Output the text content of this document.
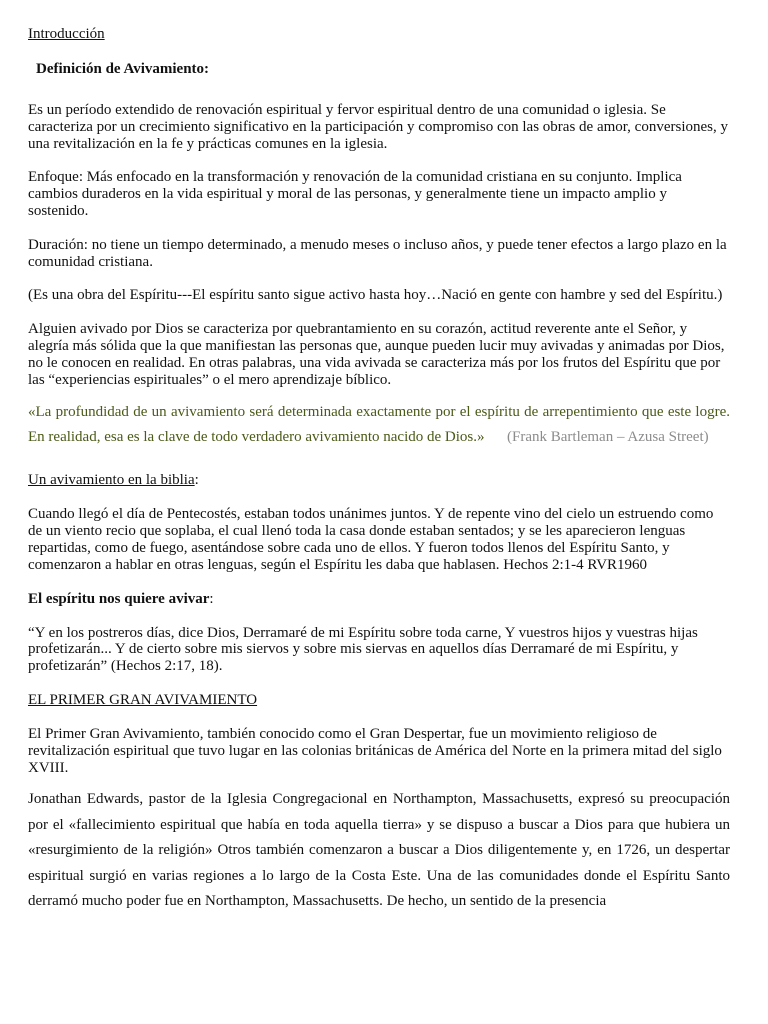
Introducción

Definición de Avivamiento:

Es un período extendido de renovación espiritual y fervor espiritual dentro de una comunidad o iglesia. Se caracteriza por un crecimiento significativo en la participación y compromiso con las obras de amor, conversiones, y una revitalización en la fe y prácticas comunes en la iglesia.

Enfoque: Más enfocado en la transformación y renovación de la comunidad cristiana en su conjunto. Implica cambios duraderos en la vida espiritual y moral de las personas, y generalmente tiene un impacto amplio y sostenido.

Duración: no tiene un tiempo determinado, a menudo meses o incluso años, y puede tener efectos a largo plazo en la comunidad cristiana.

(Es una obra del Espíritu---El espíritu santo sigue activo hasta hoy…Nació en gente con hambre y sed del Espíritu.)

Alguien avivado por Dios se caracteriza por quebrantamiento en su corazón, actitud reverente ante el Señor, y alegría más sólida que la que manifiestan las personas que, aunque pueden lucir muy avivadas y animadas por Dios, no le conocen en realidad. En otras palabras, una vida avivada se caracteriza más por los frutos del Espíritu que por las “experiencias espirituales” o el mero aprendizaje bíblico.

«La profundidad de un avivamiento será determinada exactamente por el espíritu de arrepentimiento que este logre. En realidad, esa es la clave de todo verdadero avivamiento nacido de Dios.» (Frank Bartleman – Azusa Street)

Un avivamiento en la biblia:

Cuando llegó el día de Pentecostés, estaban todos unánimes juntos. Y de repente vino del cielo un estruendo como de un viento recio que soplaba, el cual llenó toda la casa donde estaban sentados; y se les aparecieron lenguas repartidas, como de fuego, asentándose sobre cada uno de ellos. Y fueron todos llenos del Espíritu Santo, y comenzaron a hablar en otras lenguas, según el Espíritu les daba que hablasen. Hechos 2:1-4 RVR1960

El espíritu nos quiere avivar:

“Y en los postreros días, dice Dios, Derramaré de mi Espíritu sobre toda carne, Y vuestros hijos y vuestras hijas profetizarán... Y de cierto sobre mis siervos y sobre mis siervas en aquellos días Derramaré de mi Espíritu, y profetizarán” (Hechos 2:17, 18).

EL PRIMER GRAN AVIVAMIENTO

El Primer Gran Avivamiento, también conocido como el Gran Despertar, fue un movimiento religioso de revitalización espiritual que tuvo lugar en las colonias británicas de América del Norte en la primera mitad del siglo XVIII.

Jonathan Edwards, pastor de la Iglesia Congregacional en Northampton, Massachusetts, expresó su preocupación por el «fallecimiento espiritual que había en toda aquella tierra» y se dispuso a buscar a Dios para que hubiera un «resurgimiento de la religión» Otros también comenzaron a buscar a Dios diligentemente y, en 1726, un despertar espiritual surgió en varias regiones a lo largo de la Costa Este. Una de las comunidades donde el Espíritu Santo derramó mucho poder fue en Northampton, Massachusetts. De hecho, un sentido de la presencia
